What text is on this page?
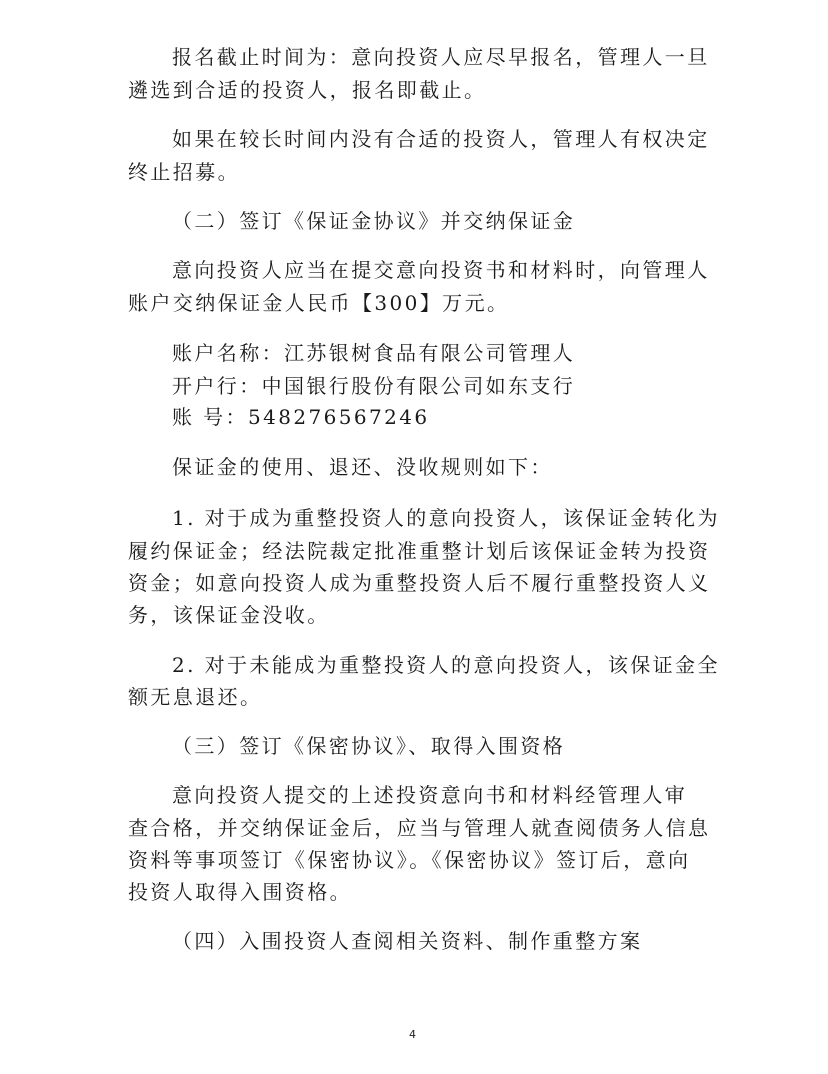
报名截止时间为：意向投资人应尽早报名，管理人一旦
遴选到合适的投资人，报名即截止。
如果在较长时间内没有合适的投资人，管理人有权决定
终止招募。
（二）签订《保证金协议》并交纳保证金
意向投资人应当在提交意向投资书和材料时，向管理人
账户交纳保证金人民币【300】万元。
账户名称：江苏银树食品有限公司管理人
开户行：中国银行股份有限公司如东支行
账 号：548276567246
保证金的使用、退还、没收规则如下：
1. 对于成为重整投资人的意向投资人，该保证金转化为
履约保证金；经法院裁定批准重整计划后该保证金转为投资
资金；如意向投资人成为重整投资人后不履行重整投资人义
务，该保证金没收。
2. 对于未能成为重整投资人的意向投资人，该保证金全
额无息退还。
（三）签订《保密协议》、取得入围资格
意向投资人提交的上述投资意向书和材料经管理人审
查合格，并交纳保证金后，应当与管理人就查阅债务人信息
资料等事项签订《保密协议》。《保密协议》签订后，意向
投资人取得入围资格。
（四）入围投资人查阅相关资料、制作重整方案
4
